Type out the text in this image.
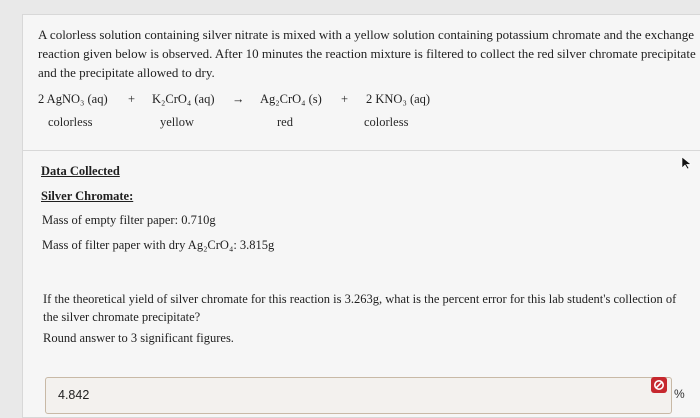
A colorless solution containing silver nitrate is mixed with a yellow solution containing potassium chromate and the exchange reaction given below is observed. After 10 minutes the reaction mixture is filtered to collect the red silver chromate precipitate and the precipitate allowed to dry.

2 AgNO₃ (aq) + K₂CrO₄ (aq) → Ag₂CrO₄ (s) + 2 KNO₃ (aq)
colorless	yellow	red	colorless
Data Collected
Silver Chromate:
Mass of empty filter paper: 0.710g
Mass of filter paper with dry Ag₂CrO₄: 3.815g

If the theoretical yield of silver chromate for this reaction is 3.263g, what is the percent error for this lab student's collection of the silver chromate precipitate?

Round answer to 3 significant figures.

4.842	%
